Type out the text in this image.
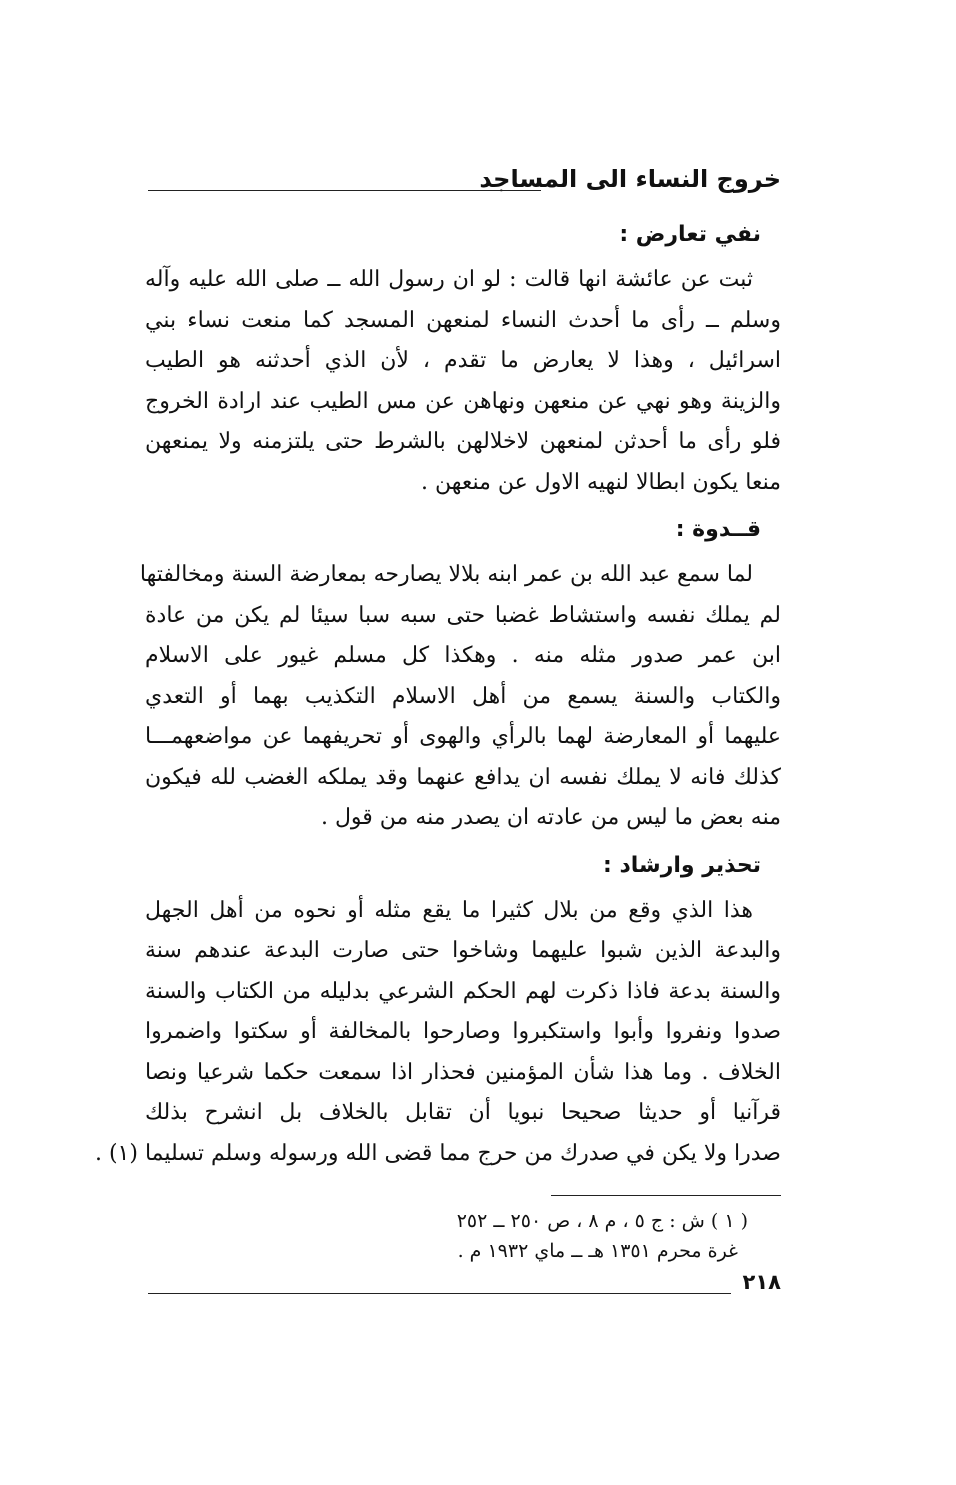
خروج النساء الى المساجد
نفي تعارض :
ثبت عن عائشة انها قالت : لو ان رسول الله ــ صلى الله عليه وآله
وسلم ــ رأى ما أحدث النساء لمنعهن المسجد كما منعت نساء بني
اسرائيل ، وهذا لا يعارض ما تقدم ، لأن الذي أحدثنه هو الطيب
والزينة وهو نهي عن منعهن ونهاهن عن مس الطيب عند ارادة الخروج
فلو رأى ما أحدثن لمنعهن لاخلالهن بالشرط حتى يلتزمنه ولا يمنعهن
منعا يكون ابطالا لنهيه الاول عن منعهن .
قــدوة :
لما سمع عبد الله بن عمر ابنه بلالا يصارحه بمعارضة السنة ومخالفتها
لم يملك نفسه واستشاط غضبا حتى سبه سبا سيئا لم يكن من عادة
ابن عمر صدور مثله منه . وهكذا كل مسلم غيور على الاسلام
والكتاب والسنة يسمع من أهل الاسلام التكذيب بهما أو التعدي
عليهما أو المعارضة لهما بالرأي والهوى أو تحريفهما عن مواضعهمـــا
كذلك فانه لا يملك نفسه ان يدافع عنهما وقد يملكه الغضب لله فيكون
منه بعض ما ليس من عادته ان يصدر منه من قول .
تحذير وارشاد :
هذا الذي وقع من بلال كثيرا ما يقع مثله أو نحوه من أهل الجهل
والبدعة الذين شبوا عليهما وشاخوا حتى صارت البدعة عندهم سنة
والسنة بدعة فاذا ذكرت لهم الحكم الشرعي بدليله من الكتاب والسنة
صدوا ونفروا وأبوا واستكبروا وصارحوا بالمخالفة أو سكتوا واضمروا
الخلاف . وما هذا شأن المؤمنين فحذار اذا سمعت حكما شرعيا ونصا
قرآنيا أو حديثا صحيحا نبويا أن تقابل بالخلاف بل انشرح بذلك
صدرا ولا يكن في صدرك من حرج مما قضى الله ورسوله وسلم تسليما (١) .
( ١ ) ش : ج ٥ ، م ٨ ، ص ٢٥٠ ــ ٢٥٢
غرة محرم ١٣٥١ هـ ــ ماي ١٩٣٢ م .
٢١٨
